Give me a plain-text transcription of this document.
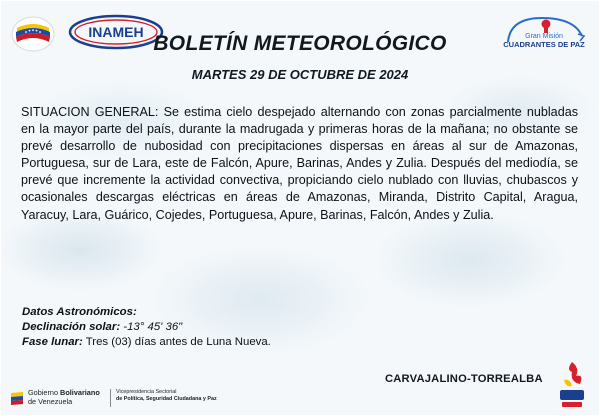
INAMEH	Gran Misión
CUADRANTES DE PAZ
BOLETÍN METEOROLÓGICO
MARTES 29 DE OCTUBRE DE 2024
SITUACION GENERAL: Se estima cielo despejado alternando con zonas parcialmente nubladas en la mayor parte del país, durante la madrugada y primeras horas de la mañana; no obstante se prevé desarrollo de nubosidad con precipitaciones dispersas en áreas al sur de Amazonas, Portuguesa, sur de Lara, este de Falcón, Apure, Barinas, Andes y Zulia. Después del mediodía, se prevé que incremente la actividad convectiva, propiciando cielo nublado con lluvias, chubascos y ocasionales descargas eléctricas en áreas de Amazonas, Miranda, Distrito Capital, Aragua, Yaracuy, Lara, Guárico, Cojedes, Portuguesa, Apure, Barinas, Falcón, Andes y Zulia.
Datos Astronómicos:
Declinación solar: -13° 45' 36"
Fase lunar: Tres (03) días antes de Luna Nueva.
CARVAJALINO-TORREALBA
Gobierno Bolivariano
de Venezuela
Vicepresidencia Sectorial
de Política, Seguridad Ciudadana y Paz
